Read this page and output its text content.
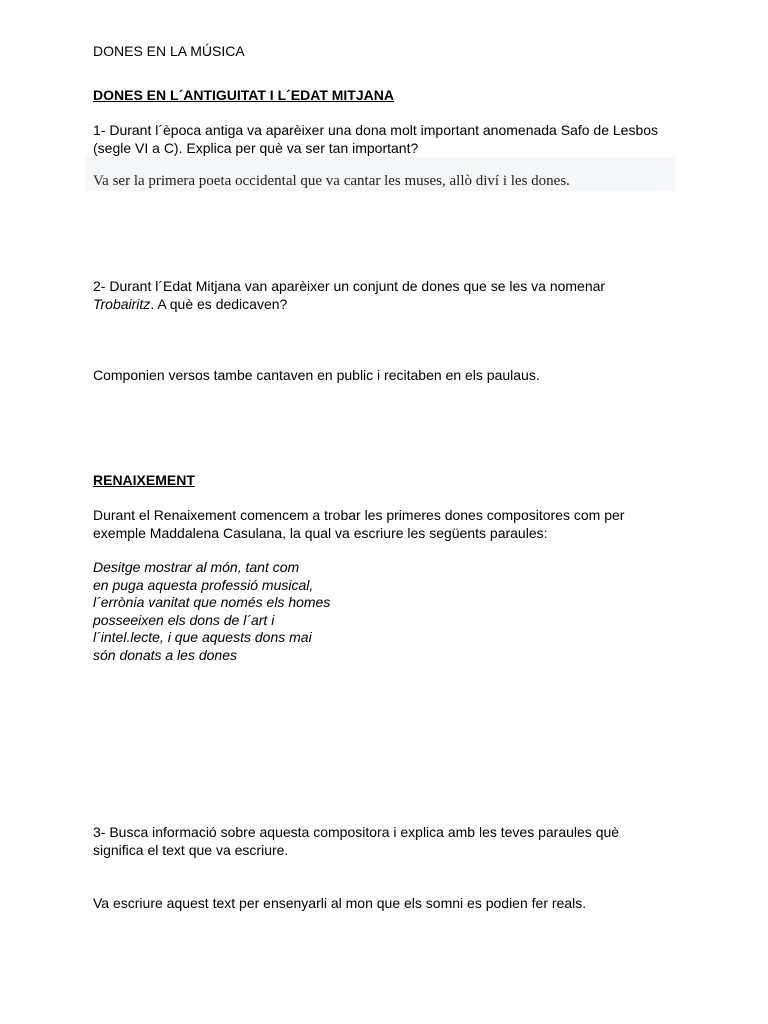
DONES EN LA MÚSICA

DONES EN L´ANTIGUITAT I L´EDAT MITJANA

1- Durant l´època antiga va aparèixer una dona molt important anomenada Safo de Lesbos
(segle VI a C). Explica per què va ser tan important?

Va ser la primera poeta occidental que va cantar les muses, allò diví i les dones.

2- Durant l´Edat Mitjana van aparèixer un conjunt de dones que se les va nomenar
Trobairitz. A què es dedicaven?

Componien versos tambe cantaven en public i recitaben en els paulaus.

RENAIXEMENT

Durant el Renaixement comencem a trobar les primeres dones compositores com per
exemple Maddalena Casulana, la qual va escriure les següents paraules:

Desitge mostrar al món, tant com
en puga aquesta professió musical,
l´errònia vanitat que només els homes
posseeixen els dons de l´art i
l´intel.lecte, i que aquests dons mai
són donats a les dones

3- Busca informació sobre aquesta compositora i explica amb les teves paraules què
significa el text que va escriure.

Va escriure aquest text per ensenyarli al mon que els somni es podien fer reals.
